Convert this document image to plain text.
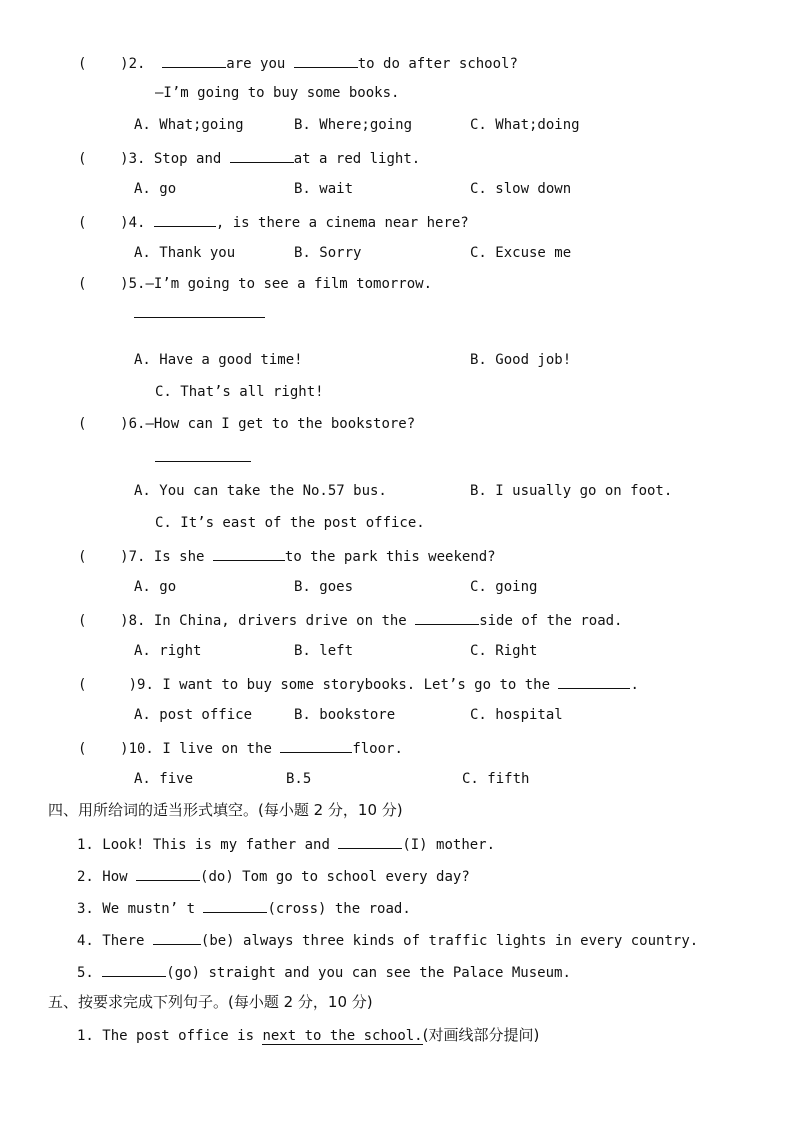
(    )2.	are you	to do after school?
—I’m going to buy some books.
A. What;going	B. Where;going	C. What;doing
(    )3. Stop and	at a red light.
A. go	B. wait	C. slow down
(    )4.	, is there a cinema near here?
A. Thank you	B. Sorry	C. Excuse me
(    )5.—I’m going to see a film tomorrow.
A. Have a good time!	B. Good job!
C. That’s all right!
(    )6.—How can I get to the bookstore?
A. You can take the No.57 bus.	B. I usually go on foot.
C. It’s east of the post office.
(    )7. Is she	to the park this weekend?
A. go	B. goes	C. going
(    )8. In China, drivers drive on the	side of the road.
A. right	B. left	C. Right
(     )9. I want to buy some storybooks. Let’s go to the	.
A. post office	B. bookstore	C. hospital
(    )10. I live on the	floor.
A. five	B.5	C. fifth
四、用所给词的适当形式填空。(每小题 2 分，10 分)
1. Look! This is my father and	(I) mother.
2. How	(do) Tom go to school every day?
3. We mustn’ t	(cross) the road.
4. There	(be) always three kinds of traffic lights in every country.
5.	(go) straight and you can see the Palace Museum.
五、按要求完成下列句子。(每小题 2 分，10 分)
1. The post office is next to the school.(对画线部分提问)
